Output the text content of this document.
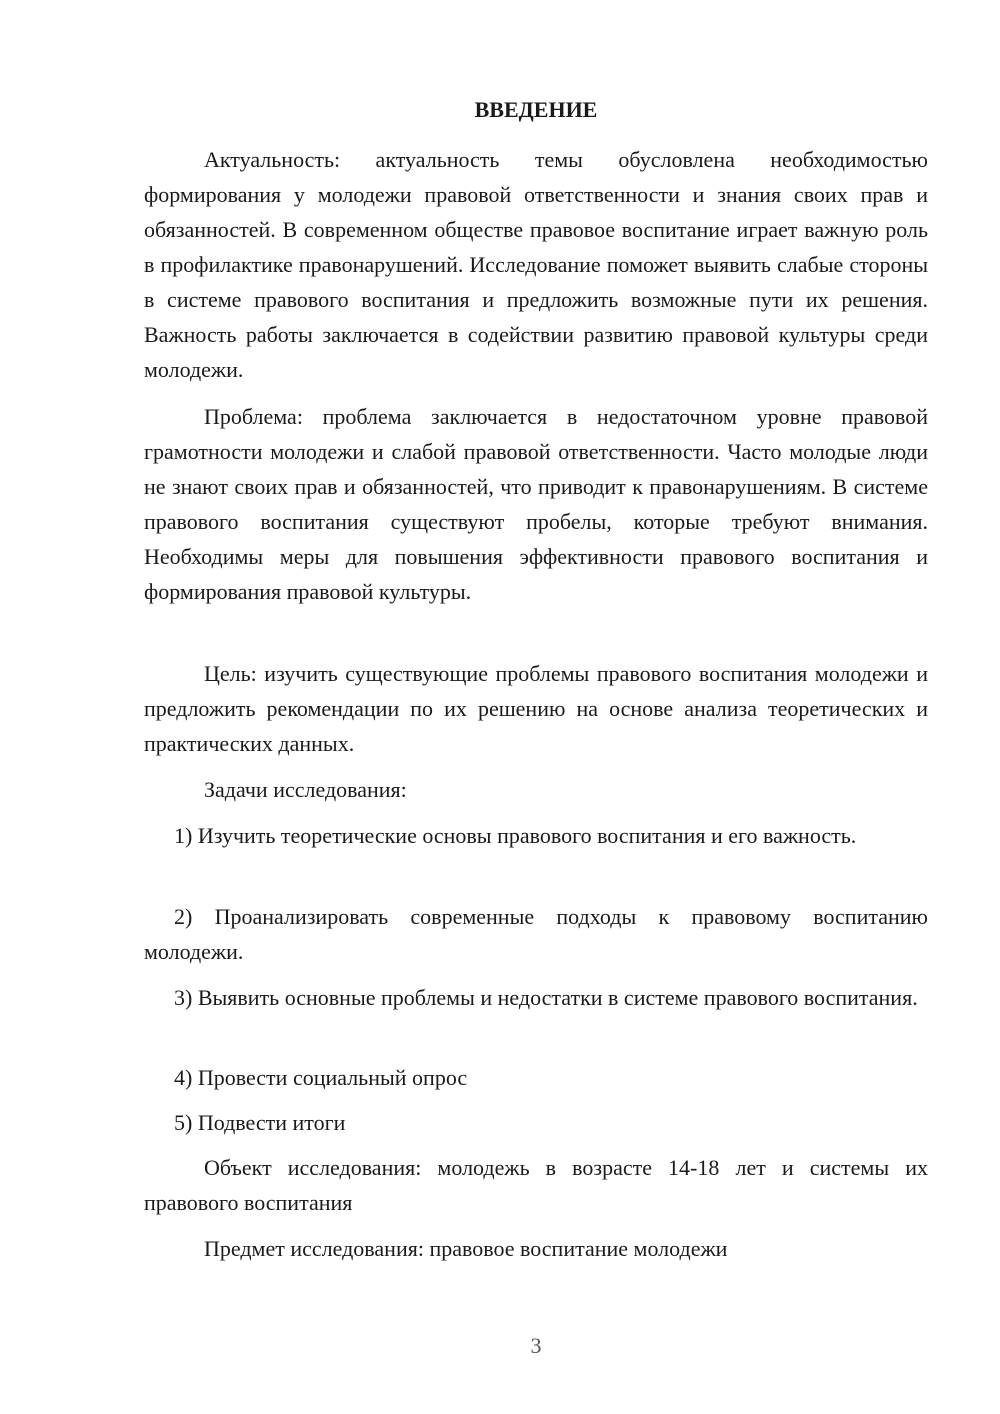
ВВЕДЕНИЕ

Актуальность: актуальность темы обусловлена необходимостью формирования у молодежи правовой ответственности и знания своих прав и обязанностей. В современном обществе правовое воспитание играет важную роль в профилактике правонарушений. Исследование поможет выявить слабые стороны в системе правового воспитания и предложить возможные пути их решения. Важность работы заключается в содействии развитию правовой культуры среди молодежи.

Проблема: проблема заключается в недостаточном уровне правовой грамотности молодежи и слабой правовой ответственности. Часто молодые люди не знают своих прав и обязанностей, что приводит к правонарушениям. В системе правового воспитания существуют пробелы, которые требуют внимания. Необходимы меры для повышения эффективности правового воспитания и формирования правовой культуры.

Цель: изучить существующие проблемы правового воспитания молодежи и предложить рекомендации по их решению на основе анализа теоретических и практических данных.

Задачи исследования:

1) Изучить теоретические основы правового воспитания и его важность.

2) Проанализировать современные подходы к правовому воспитанию молодежи.

3) Выявить основные проблемы и недостатки в системе правового воспитания.

4) Провести социальный опрос

5) Подвести итоги

Объект исследования: молодежь в возрасте 14-18 лет и системы их правового воспитания

Предмет исследования: правовое воспитание молодежи

3
